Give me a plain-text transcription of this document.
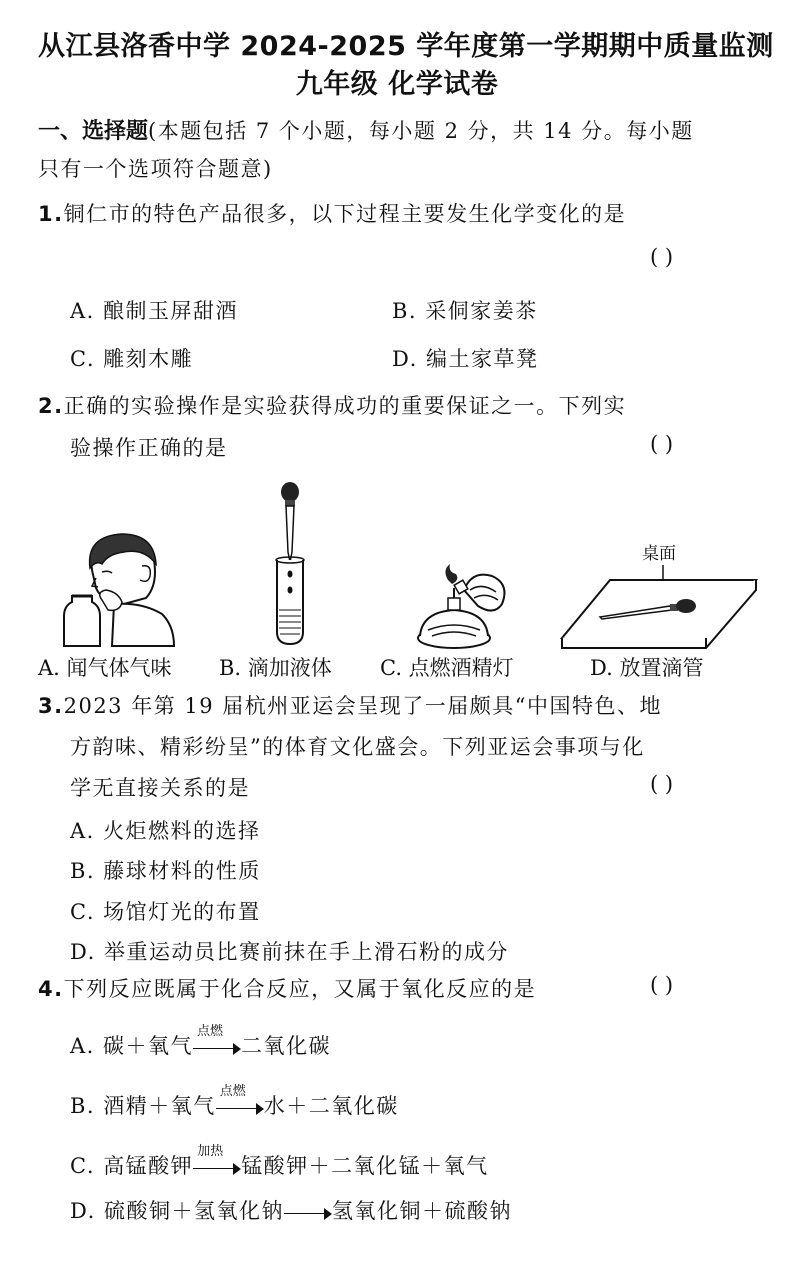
从江县洛香中学 2024-2025 学年度第一学期期中质量监测
九年级 化学试卷
一、选择题(本题包括 7 个小题，每小题 2 分，共 14 分。每小题
只有一个选项符合题意)
1.铜仁市的特色产品很多，以下过程主要发生化学变化的是
( )
A. 酿制玉屏甜酒	B. 采侗家姜茶
C. 雕刻木雕	D. 编土家草凳
2.正确的实验操作是实验获得成功的重要保证之一。下列实
验操作正确的是	( )
桌面
A. 闻气体气味 B. 滴加液体 C. 点燃酒精灯	D. 放置滴管
3.2023 年第 19 届杭州亚运会呈现了一届颇具“中国特色、地
方韵味、精彩纷呈”的体育文化盛会。下列亚运会事项与化
学无直接关系的是	( )
A. 火炬燃料的选择
B. 藤球材料的性质
C. 场馆灯光的布置
D. 举重运动员比赛前抹在手上滑石粉的成分
4.下列反应既属于化合反应，又属于氧化反应的是	( )
A. 碳＋氧气
点燃
二氧化碳
B. 酒精＋氧气
点燃
水＋二氧化碳
C. 高锰酸钾
加热
锰酸钾＋二氧化锰＋氧气
D. 硫酸铜＋氢氧化钠 氢氧化铜＋硫酸钠
